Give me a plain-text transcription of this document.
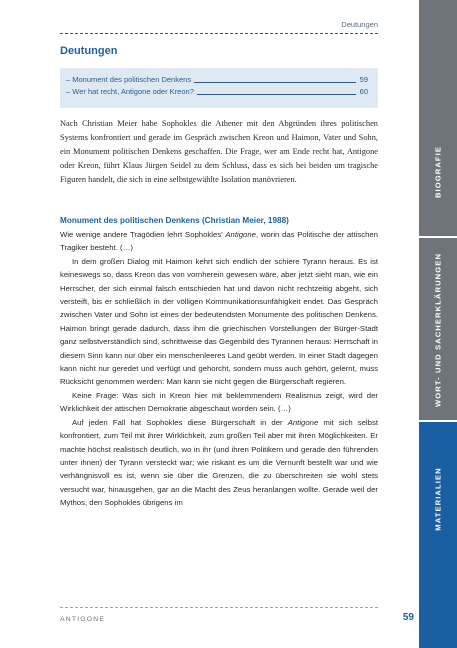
Deutungen
Deutungen
– Monument des politischen Denkens	59
– Wer hat recht, Antigone oder Kreon?	60

Nach Christian Meier habe Sophokles die Athener mit den Abgründen ihres politischen Systems konfrontiert und gerade im Gespräch zwischen Kreon und Haimon, Vater und Sohn, ein Monument politischen Denkens geschaffen. Die Frage, wer am Ende recht hat, Antigone oder Kreon, führt Klaus Jürgen Seidel zu dem Schluss, dass es sich bei beiden um tragische Figuren handelt, die sich in eine selbstgewählte Isolation manövrieren.

Monument des politischen Denkens (Christian Meier, 1988)

Wie wenige andere Tragödien lehrt Sophokles' Antigone, worin das Politische der attischen Tragiker besteht. (…)

In dem großen Dialog mit Haimon kehrt sich endlich der schiere Tyrann heraus. Es ist keineswegs so, dass Kreon das von vornherein gewesen wäre, aber jetzt sieht man, wie ein Herrscher, der sich einmal falsch entschieden hat und davon nicht rechtzeitig abgeht, sich versteift, bis er schließlich in der völligen Kommunikationsunfähigkeit endet. Das Gespräch zwischen Vater und Sohn ist eines der bedeutendsten Monumente des politischen Denkens. Haimon bringt gerade dadurch, dass ihm die griechischen Vorstellungen der Bürger-Stadt ganz selbstverständlich sind, schrittweise das Gegenbild des Tyrannen heraus: Herrschaft in diesem Sinn kann nur über ein menschenleeres Land geübt werden. In einer Stadt dagegen kann nicht nur geredet und verfügt und gehorcht, sondern muss auch gehört, gelernt, muss Rücksicht genommen werden: Man kann sie nicht gegen die Bürgerschaft regieren.

Keine Frage: Was sich in Kreon hier mit beklemmendem Realismus zeigt, wird der Wirklichkeit der attischen Demokratie abgeschaut worden sein. (…)

Auf jeden Fall hat Sophokles diese Bürgerschaft in der Antigone mit sich selbst konfrontiert, zum Teil mit ihrer Wirklichkeit, zum großen Teil aber mit ihren Möglichkeiten. Er machte höchst realistisch deutlich, wo in ihr (und ihren Politikern und gerade den führenden unter ihnen) der Tyrann versteckt war; wie riskant es um die Vernunft bestellt war und wie verhängnisvoll es ist, wenn sie über die Grenzen, die zu überschreiten sie wohl stets versucht war, hinausgehen, gar an die Macht des Zeus heranlangen wollte. Gerade weil der Mythos, den Sophokles übrigens im

ANTIGONE	59
BIOGRAFIE
WORT- UND SACHERKLÄRUNGEN
MATERIALIEN
